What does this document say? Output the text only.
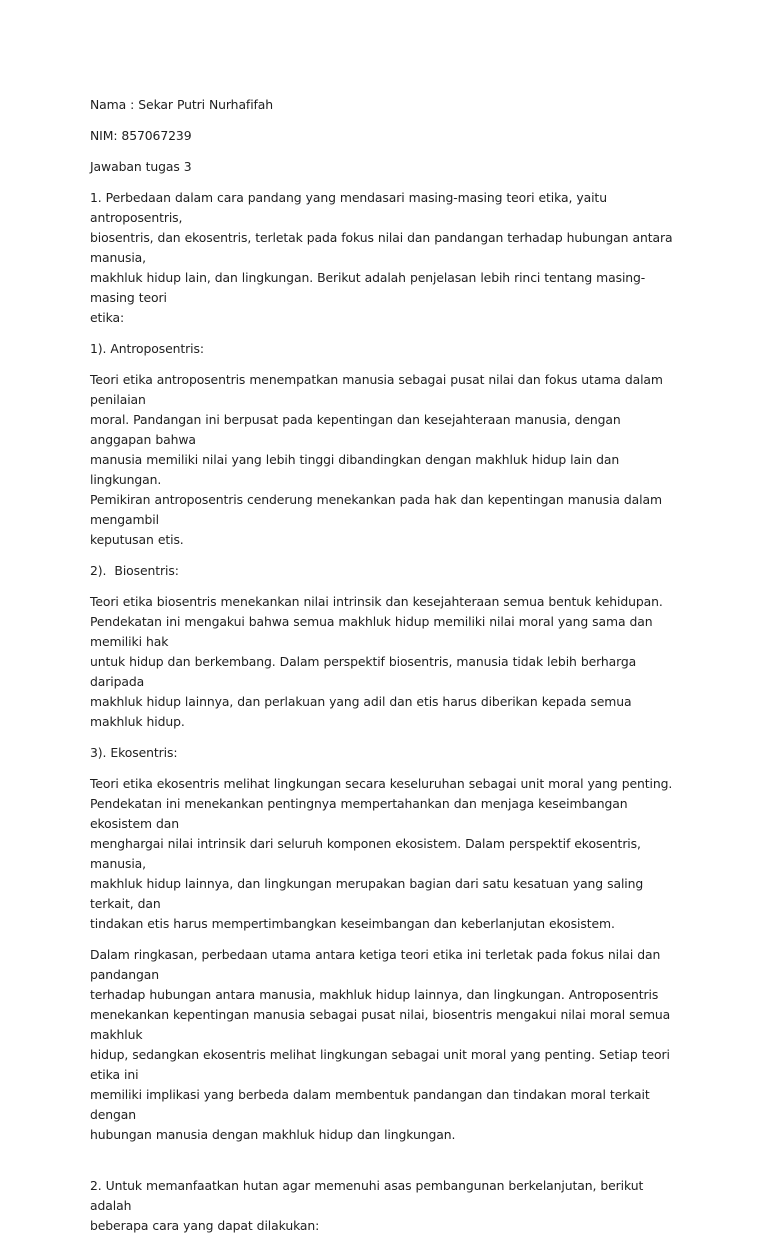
Nama : Sekar Putri Nurhafifah

NIM: 857067239

Jawaban tugas 3

1. Perbedaan dalam cara pandang yang mendasari masing-masing teori etika, yaitu antroposentris,
biosentris, dan ekosentris, terletak pada fokus nilai dan pandangan terhadap hubungan antara manusia,
makhluk hidup lain, dan lingkungan. Berikut adalah penjelasan lebih rinci tentang masing-masing teori
etika:

1). Antroposentris:

Teori etika antroposentris menempatkan manusia sebagai pusat nilai dan fokus utama dalam penilaian
moral. Pandangan ini berpusat pada kepentingan dan kesejahteraan manusia, dengan anggapan bahwa
manusia memiliki nilai yang lebih tinggi dibandingkan dengan makhluk hidup lain dan lingkungan.
Pemikiran antroposentris cenderung menekankan pada hak dan kepentingan manusia dalam mengambil
keputusan etis.

2).  Biosentris:

Teori etika biosentris menekankan nilai intrinsik dan kesejahteraan semua bentuk kehidupan.
Pendekatan ini mengakui bahwa semua makhluk hidup memiliki nilai moral yang sama dan memiliki hak
untuk hidup dan berkembang. Dalam perspektif biosentris, manusia tidak lebih berharga daripada
makhluk hidup lainnya, dan perlakuan yang adil dan etis harus diberikan kepada semua makhluk hidup.

3). Ekosentris:

Teori etika ekosentris melihat lingkungan secara keseluruhan sebagai unit moral yang penting.
Pendekatan ini menekankan pentingnya mempertahankan dan menjaga keseimbangan ekosistem dan
menghargai nilai intrinsik dari seluruh komponen ekosistem. Dalam perspektif ekosentris, manusia,
makhluk hidup lainnya, dan lingkungan merupakan bagian dari satu kesatuan yang saling terkait, dan
tindakan etis harus mempertimbangkan keseimbangan dan keberlanjutan ekosistem.

Dalam ringkasan, perbedaan utama antara ketiga teori etika ini terletak pada fokus nilai dan pandangan
terhadap hubungan antara manusia, makhluk hidup lainnya, dan lingkungan. Antroposentris
menekankan kepentingan manusia sebagai pusat nilai, biosentris mengakui nilai moral semua makhluk
hidup, sedangkan ekosentris melihat lingkungan sebagai unit moral yang penting. Setiap teori etika ini
memiliki implikasi yang berbeda dalam membentuk pandangan dan tindakan moral terkait dengan
hubungan manusia dengan makhluk hidup dan lingkungan.

2. Untuk memanfaatkan hutan agar memenuhi asas pembangunan berkelanjutan, berikut adalah
beberapa cara yang dapat dilakukan:
